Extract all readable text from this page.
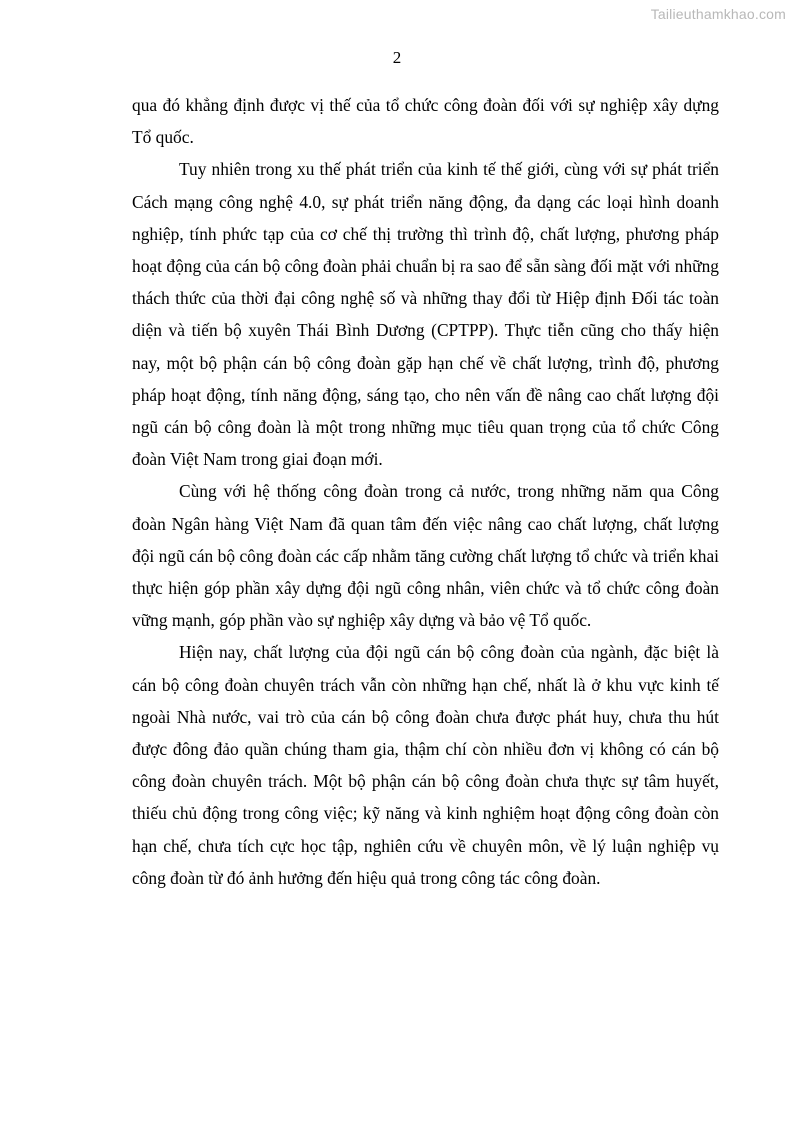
Tailieuthamkhao.com
2

qua đó khẳng định được vị thế của tổ chức công đoàn đối với sự nghiệp xây dựng Tổ quốc.

Tuy nhiên trong xu thế phát triển của kinh tế thế giới, cùng với sự phát triển Cách mạng công nghệ 4.0, sự phát triển năng động, đa dạng các loại hình doanh nghiệp, tính phức tạp của cơ chế thị trường thì trình độ, chất lượng, phương pháp hoạt động của cán bộ công đoàn phải chuẩn bị ra sao để sẵn sàng đối mặt với những thách thức của thời đại công nghệ số và những thay đổi từ Hiệp định Đối tác toàn diện và tiến bộ xuyên Thái Bình Dương (CPTPP). Thực tiễn cũng cho thấy hiện nay, một bộ phận cán bộ công đoàn gặp hạn chế về chất lượng, trình độ, phương pháp hoạt động, tính năng động, sáng tạo, cho nên vấn đề nâng cao chất lượng đội ngũ cán bộ công đoàn là một trong những mục tiêu quan trọng của tổ chức Công đoàn Việt Nam trong giai đoạn mới.

Cùng với hệ thống công đoàn trong cả nước, trong những năm qua Công đoàn Ngân hàng Việt Nam đã quan tâm đến việc nâng cao chất lượng, chất lượng đội ngũ cán bộ công đoàn các cấp nhằm tăng cường chất lượng tổ chức và triển khai thực hiện góp phần xây dựng đội ngũ công nhân, viên chức và tổ chức công đoàn vững mạnh, góp phần vào sự nghiệp xây dựng và bảo vệ Tổ quốc.

Hiện nay, chất lượng của đội ngũ cán bộ công đoàn của ngành, đặc biệt là cán bộ công đoàn chuyên trách vẫn còn những hạn chế, nhất là ở khu vực kinh tế ngoài Nhà nước, vai trò của cán bộ công đoàn chưa được phát huy, chưa thu hút được đông đảo quần chúng tham gia, thậm chí còn nhiều đơn vị không có cán bộ công đoàn chuyên trách. Một bộ phận cán bộ công đoàn chưa thực sự tâm huyết, thiếu chủ động trong công việc; kỹ năng và kinh nghiệm hoạt động công đoàn còn hạn chế, chưa tích cực học tập, nghiên cứu về chuyên môn, về lý luận nghiệp vụ công đoàn từ đó ảnh hưởng đến hiệu quả trong công tác công đoàn.
